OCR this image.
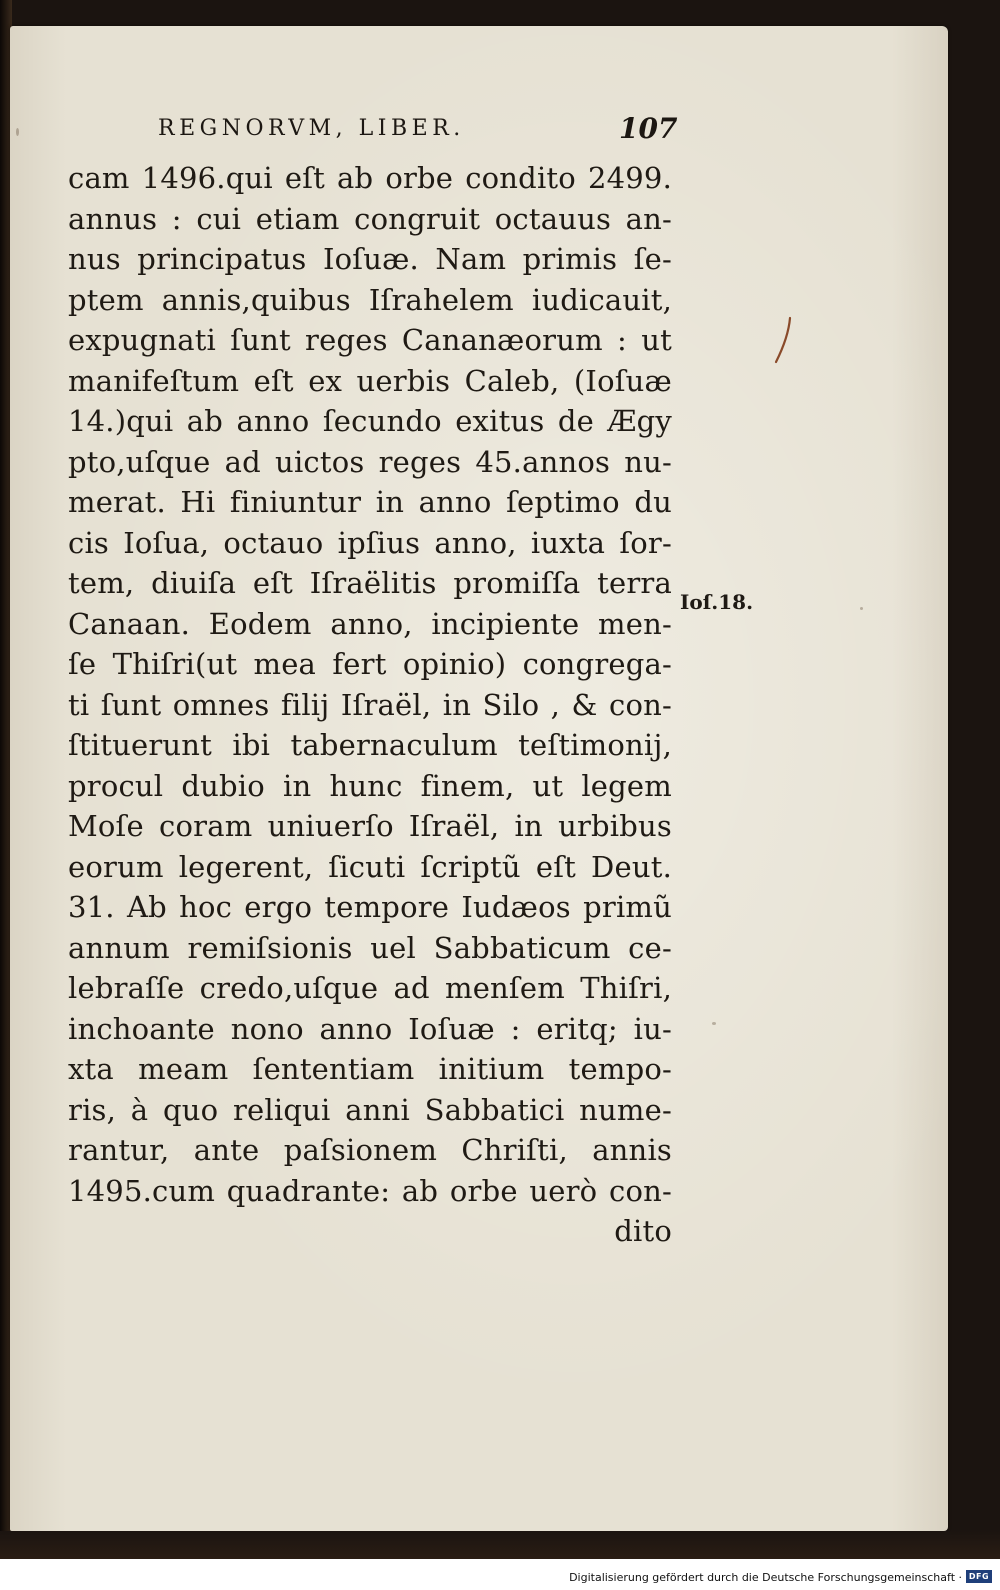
REGNORVM, LIBER.	107
cam 1496.qui eſt ab orbe condito 2499.
annus : cui etiam congruit octauus an-
nus principatus Ioſuæ. Nam primis ſe-
ptem annis,quibus Iſrahelem iudicauit,
expugnati ſunt reges Cananæorum : ut
manifeſtum eſt ex uerbis Caleb, (Ioſuæ
14.)qui ab anno ſecundo exitus de Ægy
pto,uſque ad uictos reges 45.annos nu-
merat. Hi finiuntur in anno ſeptimo du
cis Ioſua, octauo ipſius anno, iuxta ſor-
tem, diuiſa eſt Iſraëlitis promiſſa terra
Canaan. Eodem anno, incipiente men-
ſe Thiſri(ut mea fert opinio) congrega-
ti ſunt omnes filij Iſraël, in Silo , & con-
ſtituerunt ibi tabernaculum teſtimonij,
procul dubio in hunc finem, ut legem
Moſe coram uniuerſo Iſraël, in urbibus
eorum legerent, ſicuti ſcriptũ eſt Deut.
31. Ab hoc ergo tempore Iudæos primũ
annum remiſsionis uel Sabbaticum ce-
lebraſſe credo,uſque ad menſem Thiſri,
inchoante nono anno Ioſuæ : eritq; iu-
xta meam ſententiam initium tempo-
ris, à quo reliqui anni Sabbatici nume-
rantur, ante paſsionem Chriſti, annis
1495.cum quadrante: ab orbe uerò con-
dito
Ioſ.18.
Digitalisierung gefördert durch die Deutsche Forschungsgemeinschaft · DFG
